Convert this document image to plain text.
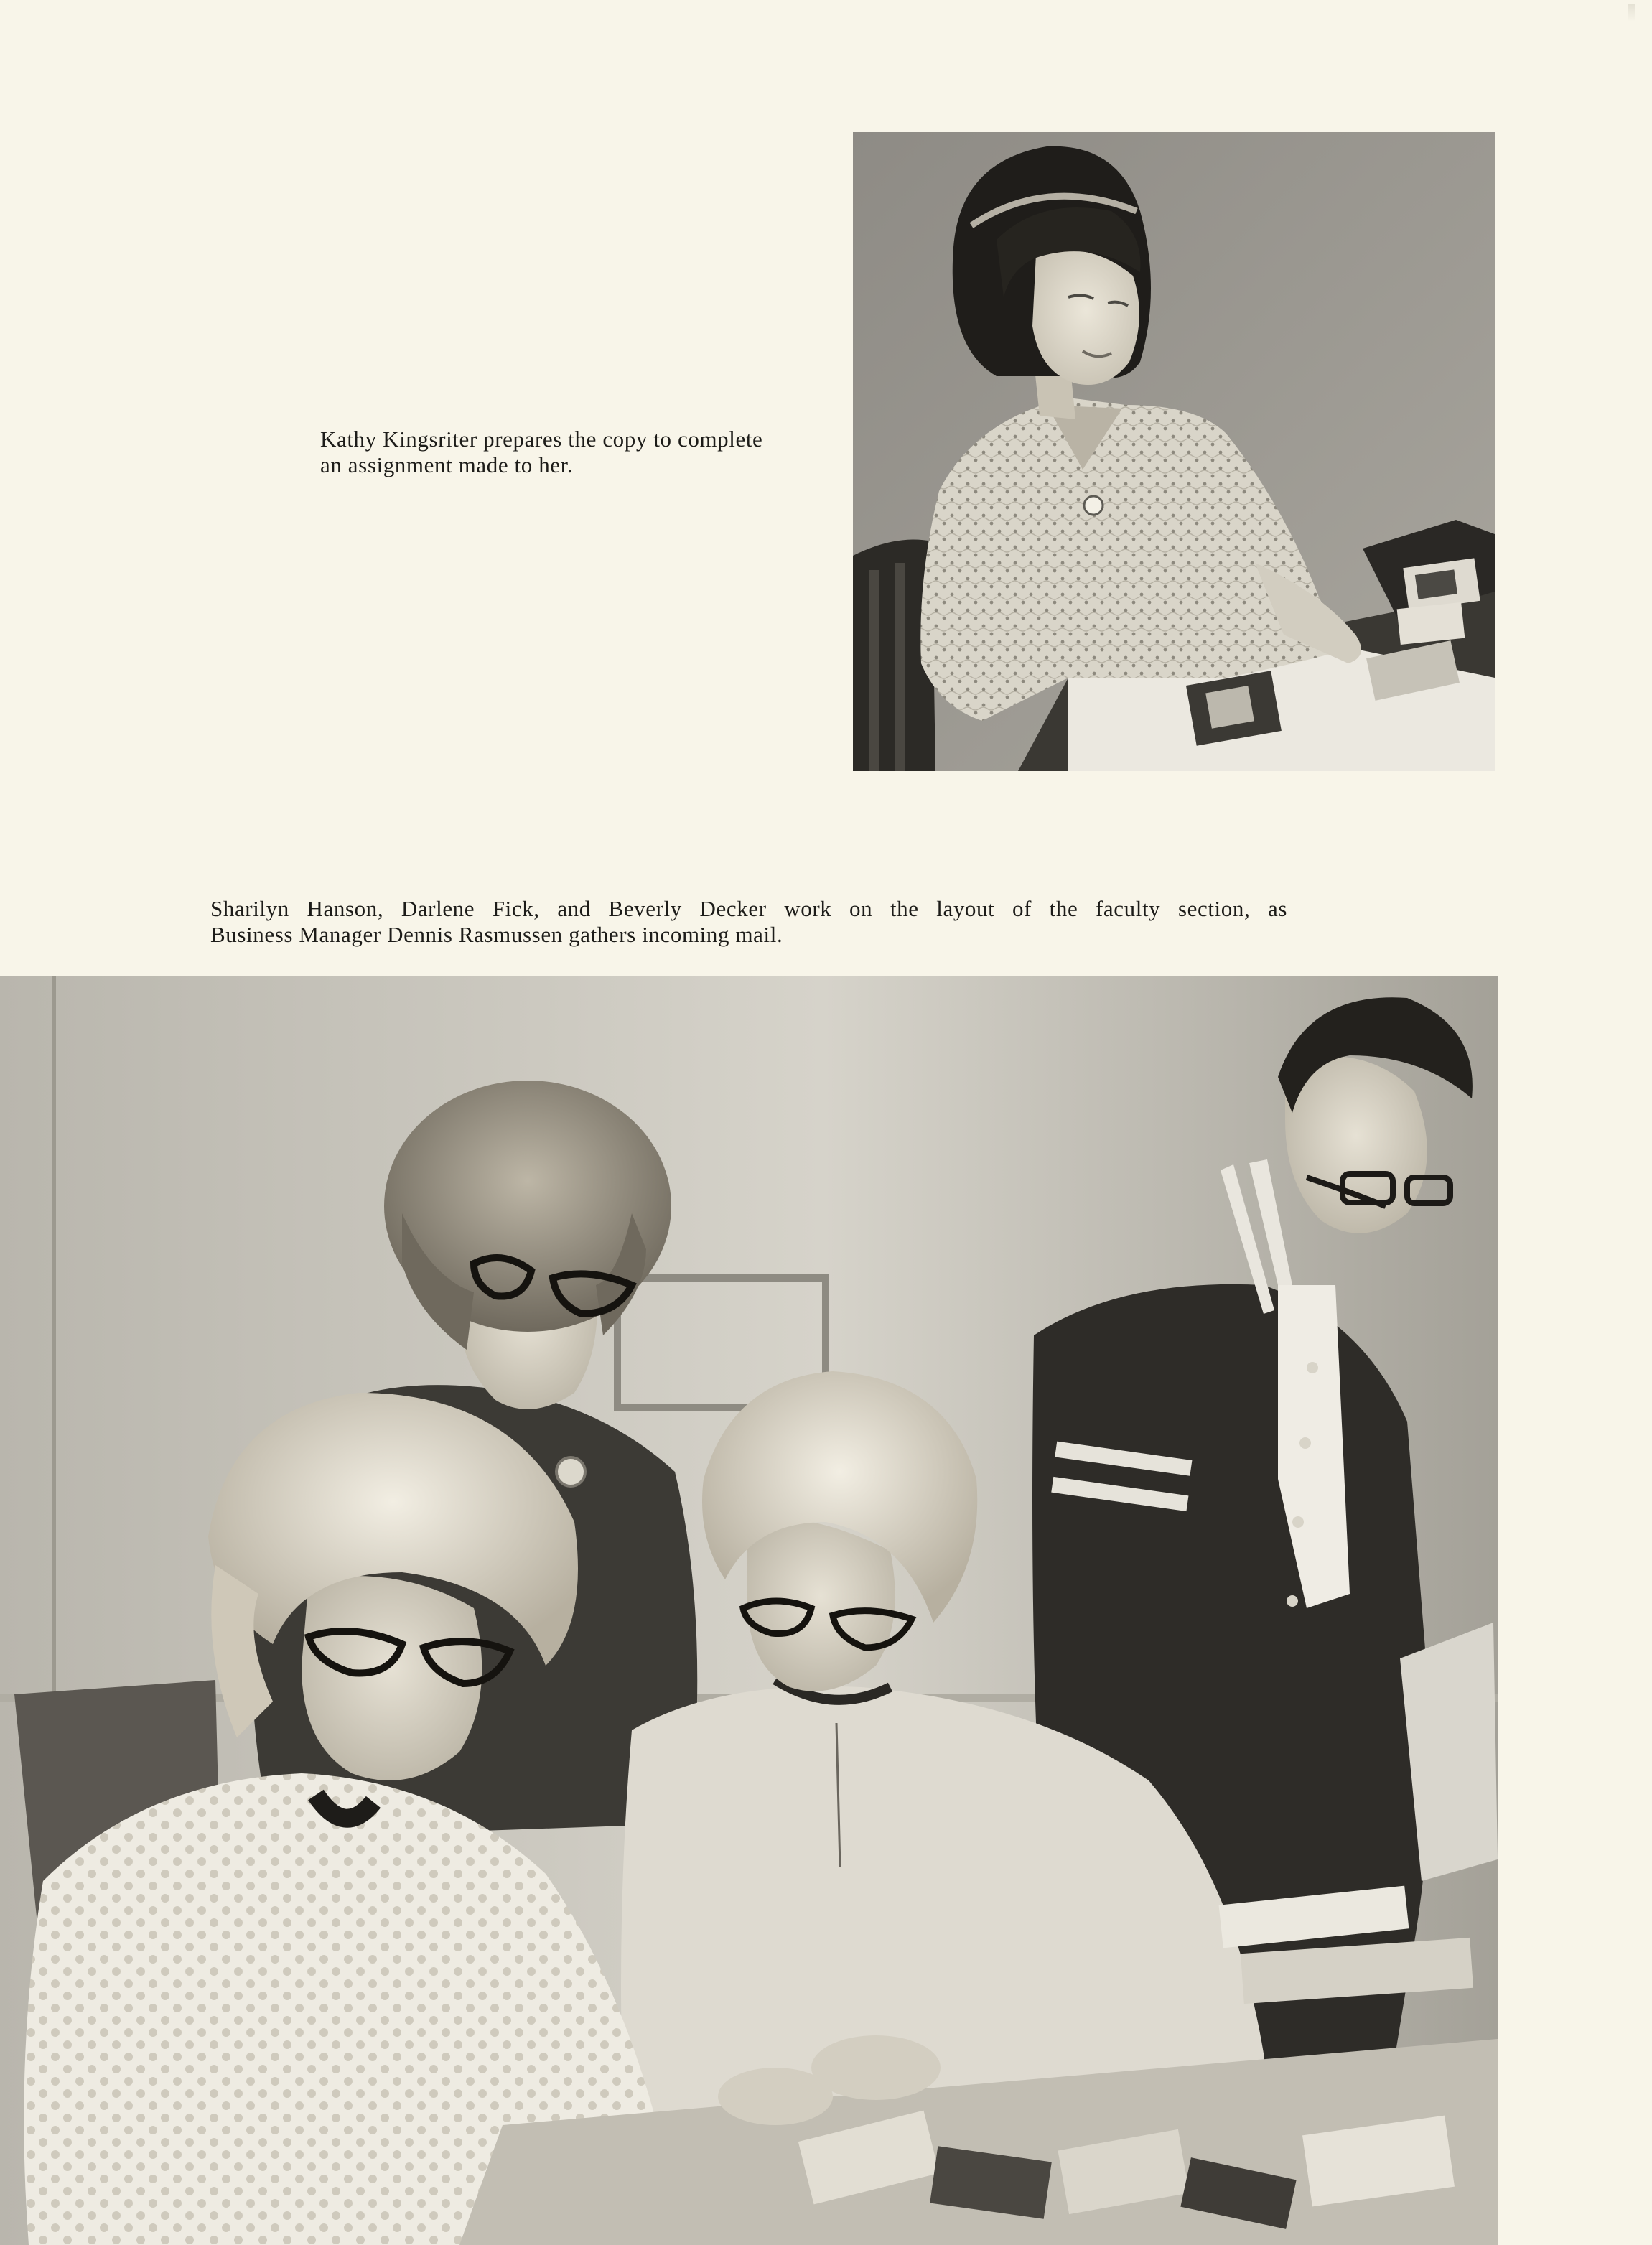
Kathy Kingsriter prepares the copy to complete
an assignment made to her.
Sharilyn Hanson, Darlene Fick, and Beverly Decker work on the layout of the faculty section, as
Business Manager Dennis Rasmussen gathers incoming mail.
